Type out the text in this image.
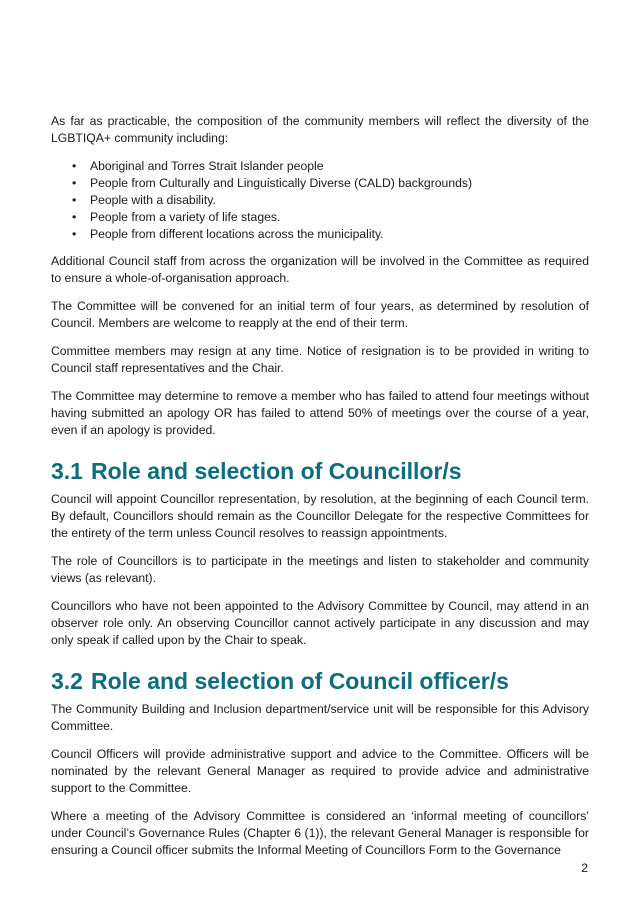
As far as practicable, the composition of the community members will reflect the diversity of the LGBTIQA+ community including:

• Aboriginal and Torres Strait Islander people
• People from Culturally and Linguistically Diverse (CALD) backgrounds)
• People with a disability.
• People from a variety of life stages.
• People from different locations across the municipality.

Additional Council staff from across the organization will be involved in the Committee as required to ensure a whole-of-organisation approach.

The Committee will be convened for an initial term of four years, as determined by resolution of Council. Members are welcome to reapply at the end of their term.

Committee members may resign at any time. Notice of resignation is to be provided in writing to Council staff representatives and the Chair.

The Committee may determine to remove a member who has failed to attend four meetings without having submitted an apology OR has failed to attend 50% of meetings over the course of a year, even if an apology is provided.

3.1 Role and selection of Councillor/s

Council will appoint Councillor representation, by resolution, at the beginning of each Council term. By default, Councillors should remain as the Councillor Delegate for the respective Committees for the entirety of the term unless Council resolves to reassign appointments.

The role of Councillors is to participate in the meetings and listen to stakeholder and community views (as relevant).

Councillors who have not been appointed to the Advisory Committee by Council, may attend in an observer role only. An observing Councillor cannot actively participate in any discussion and may only speak if called upon by the Chair to speak.

3.2 Role and selection of Council officer/s

The Community Building and Inclusion department/service unit will be responsible for this Advisory Committee.

Council Officers will provide administrative support and advice to the Committee. Officers will be nominated by the relevant General Manager as required to provide advice and administrative support to the Committee.

Where a meeting of the Advisory Committee is considered an ‘informal meeting of councillors’ under Council’s Governance Rules (Chapter 6 (1)), the relevant General Manager is responsible for ensuring a Council officer submits the Informal Meeting of Councillors Form to the Governance

2
